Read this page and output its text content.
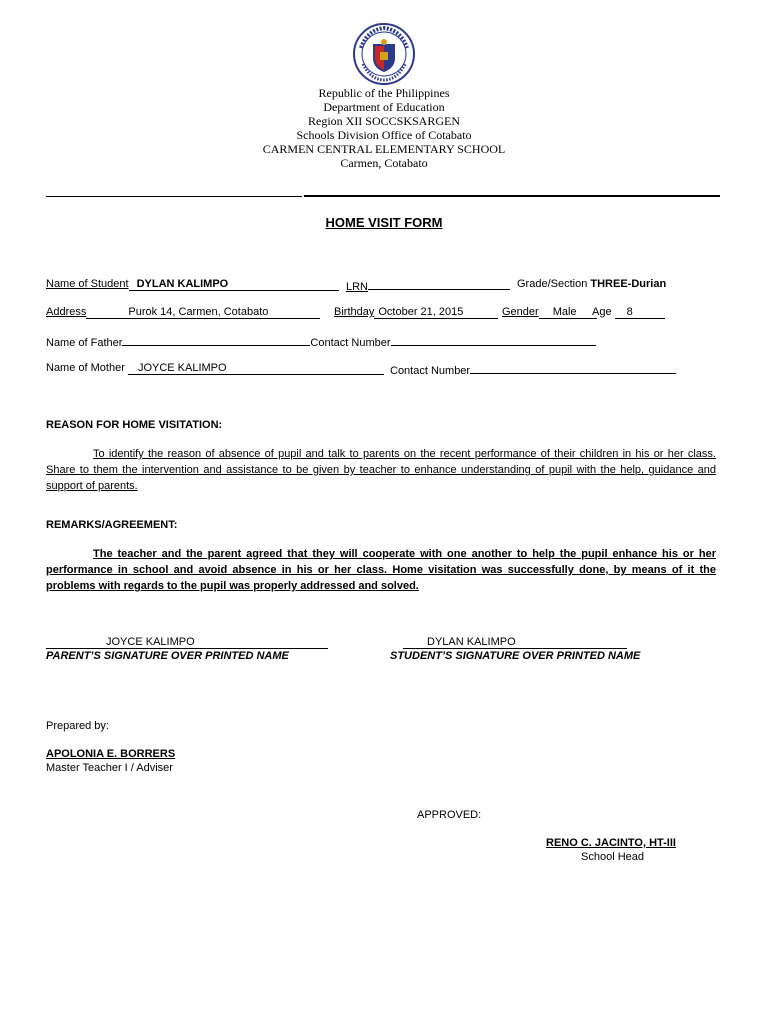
Republic of the Philippines
Department of Education
Region XII SOCCSKSARGEN
Schools Division Office of Cotabato
CARMEN CENTRAL ELEMENTARY SCHOOL
Carmen, Cotabato
HOME VISIT FORM
Name of Student DYLAN KALIMPO	LRN	Grade/Section THREE-Durian
Address	Purok 14, Carmen, Cotabato	Birthday October 21, 2015	Gender Male	Age 8
Name of Father	Contact Number
Name of Mother JOYCE KALIMPO	Contact Number
REASON FOR HOME VISITATION:
To identify the reason of absence of pupil and talk to parents on the recent performance of their children in his or her class. Share to them the intervention and assistance to be given by teacher to enhance understanding of pupil with the help, guidance and support of parents.
REMARKS/AGREEMENT:
The teacher and the parent agreed that they will cooperate with one another to help the pupil enhance his or her performance in school and avoid absence in his or her class. Home visitation was successfully done, by means of it the problems with regards to the pupil was properly addressed and solved.
JOYCE KALIMPO
PARENT’S SIGNATURE OVER PRINTED NAME
DYLAN KALIMPO
STUDENT’S SIGNATURE OVER PRINTED NAME
Prepared by:
APOLONIA E. BORRERS
Master Teacher I / Adviser
APPROVED:
RENO C. JACINTO, HT-III
School Head
